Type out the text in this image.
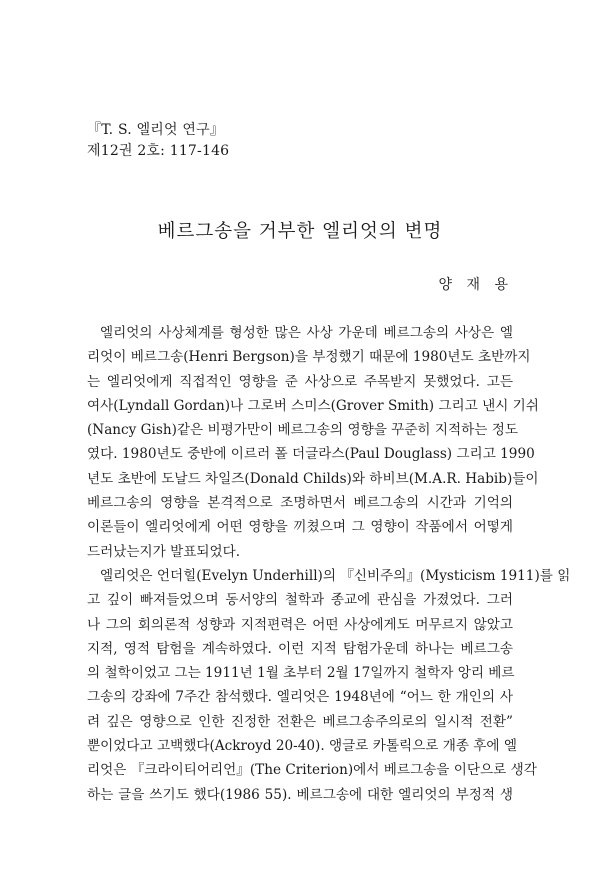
『T. S. 엘리엇 연구』
제12권 2호: 117-146
베르그송을 거부한 엘리엇의 변명
양 재 용
엘리엇의 사상체계를 형성한 많은 사상 가운데 베르그송의 사상은 엘
리엇이 베르그송(Henri Bergson)을 부정했기 때문에 1980년도 초반까지
는 엘리엇에게 직접적인 영향을 준 사상으로 주목받지 못했었다. 고든
여사(Lyndall Gordan)나 그로버 스미스(Grover Smith) 그리고 낸시 기쉬
(Nancy Gish)같은 비평가만이 베르그송의 영향을 꾸준히 지적하는 정도
였다. 1980년도 중반에 이르러 폴 더글라스(Paul Douglass) 그리고 1990
년도 초반에 도날드 차일즈(Donald Childs)와 하비브(M.A.R. Habib)들이
베르그송의 영향을 본격적으로 조명하면서 베르그송의 시간과 기억의
이론들이 엘리엇에게 어떤 영향을 끼쳤으며 그 영향이 작품에서 어떻게
드러났는지가 발표되었다.
엘리엇은 언더힐(Evelyn Underhill)의 『신비주의』(Mysticism 1911)를 읽
고 깊이 빠져들었으며 동서양의 철학과 종교에 관심을 가졌었다. 그러
나 그의 회의론적 성향과 지적편력은 어떤 사상에게도 머무르지 않았고
지적, 영적 탐험을 계속하였다. 이런 지적 탐험가운데 하나는 베르그송
의 철학이었고 그는 1911년 1월 초부터 2월 17일까지 철학자 앙리 베르
그송의 강좌에 7주간 참석했다. 엘리엇은 1948년에 “어느 한 개인의 사
려 깊은 영향으로 인한 진정한 전환은 베르그송주의로의 일시적 전환”
뿐이었다고 고백했다(Ackroyd 20-40). 앵글로 카톨릭으로 개종 후에 엘
리엇은 『크라이티어리언』(The Criterion)에서 베르그송을 이단으로 생각
하는 글을 쓰기도 했다(1986 55). 베르그송에 대한 엘리엇의 부정적 생
